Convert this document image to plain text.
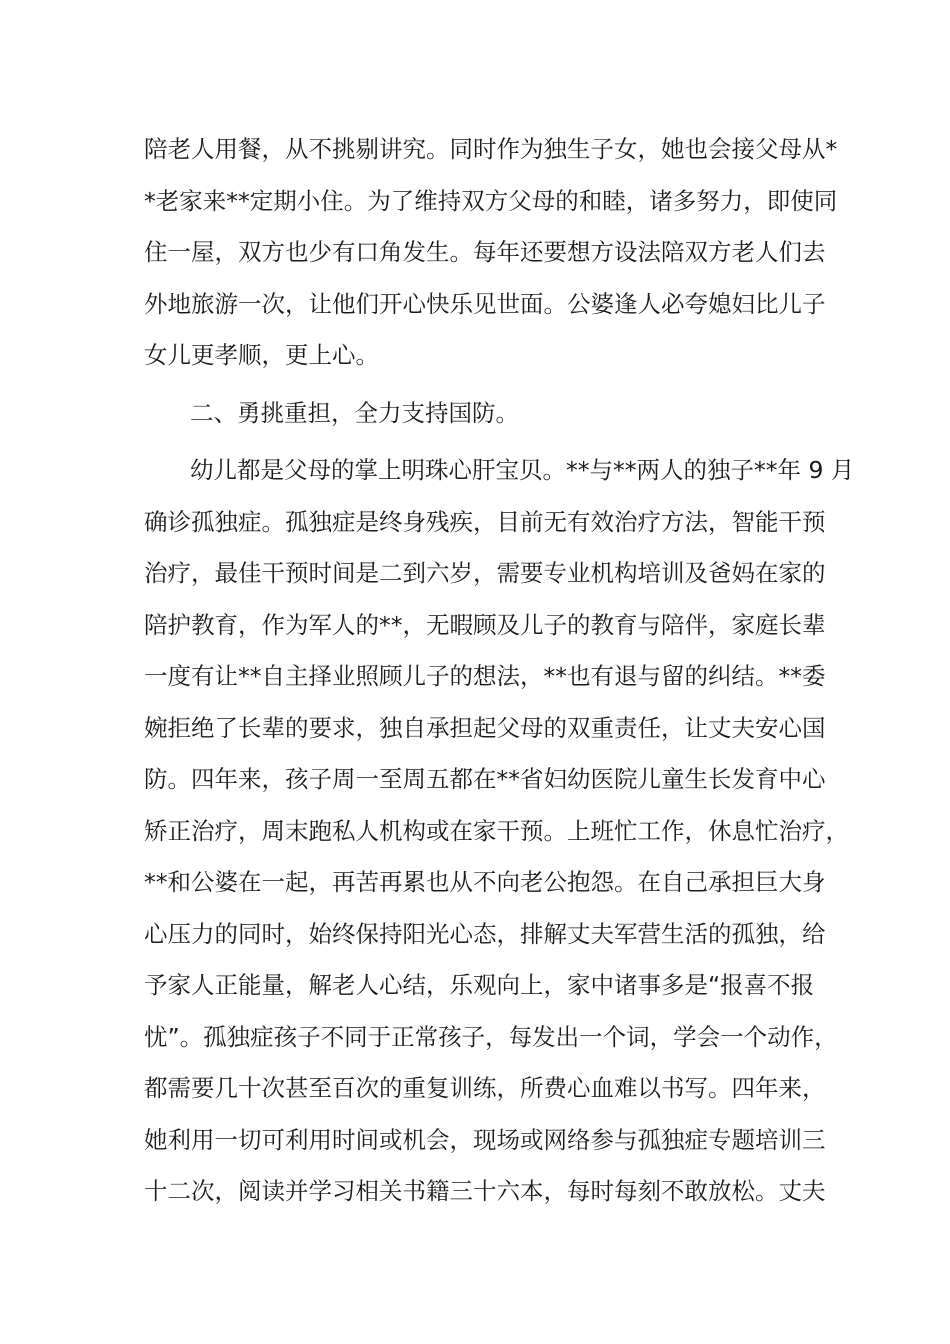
陪老人用餐，从不挑剔讲究。同时作为独生子女，她也会接父母从*
*老家来**定期小住。为了维持双方父母的和睦，诸多努力，即使同
住一屋，双方也少有口角发生。每年还要想方设法陪双方老人们去
外地旅游一次，让他们开心快乐见世面。公婆逢人必夸媳妇比儿子
女儿更孝顺，更上心。
二、勇挑重担，全力支持国防。
幼儿都是父母的掌上明珠心肝宝贝。**与**两人的独子**年 9 月
确诊孤独症。孤独症是终身残疾，目前无有效治疗方法，智能干预
治疗，最佳干预时间是二到六岁，需要专业机构培训及爸妈在家的
陪护教育，作为军人的**，无暇顾及儿子的教育与陪伴，家庭长辈
一度有让**自主择业照顾儿子的想法，**也有退与留的纠结。**委
婉拒绝了长辈的要求，独自承担起父母的双重责任，让丈夫安心国
防。四年来，孩子周一至周五都在**省妇幼医院儿童生长发育中心
矫正治疗，周末跑私人机构或在家干预。上班忙工作，休息忙治疗，
**和公婆在一起，再苦再累也从不向老公抱怨。在自己承担巨大身
心压力的同时，始终保持阳光心态，排解丈夫军营生活的孤独，给
予家人正能量，解老人心结，乐观向上，家中诸事多是“报喜不报
忧”。孤独症孩子不同于正常孩子，每发出一个词，学会一个动作，
都需要几十次甚至百次的重复训练，所费心血难以书写。四年来，
她利用一切可利用时间或机会，现场或网络参与孤独症专题培训三
十二次，阅读并学习相关书籍三十六本，每时每刻不敢放松。丈夫
